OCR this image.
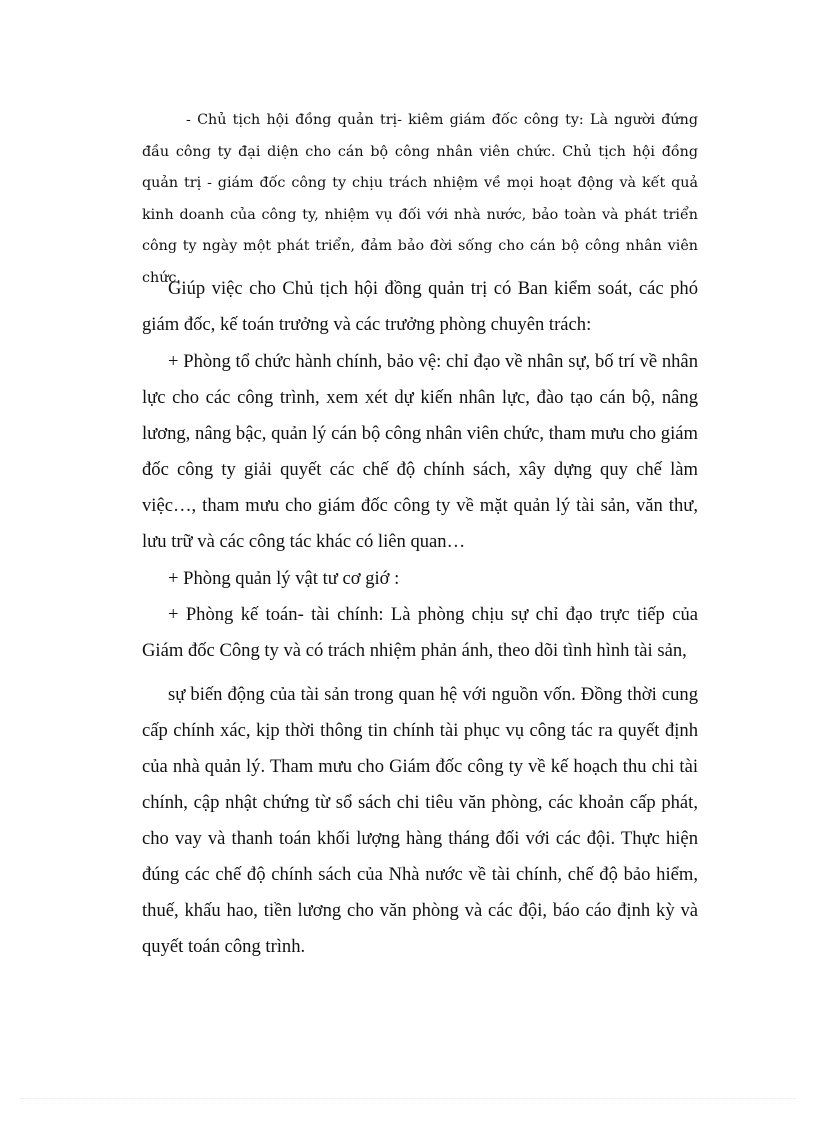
- Chủ tịch hội đồng quản trị- kiêm giám đốc công ty: Là người đứng đầu công ty đại diện cho cán bộ công nhân viên chức. Chủ tịch hội đồng quản trị - giám đốc công ty chịu trách nhiệm về mọi hoạt động và kết quả kinh doanh của công ty, nhiệm vụ đối với nhà nước, bảo toàn và phát triển công ty ngày một phát triển, đảm bảo đời sống cho cán bộ công nhân viên chức.

Giúp việc cho Chủ tịch hội đồng quản trị có Ban kiểm soát, các phó giám đốc, kế toán trưởng và các trưởng phòng chuyên trách:

+ Phòng tổ chức hành chính, bảo vệ: chỉ đạo về nhân sự, bố trí về nhân lực cho các công trình, xem xét dự kiến nhân lực, đào tạo cán bộ, nâng lương, nâng bậc, quản lý cán bộ công nhân viên chức, tham mưu cho giám đốc công ty giải quyết các chế độ chính sách, xây dựng quy chế làm việc…, tham mưu cho giám đốc công ty về mặt quản lý tài sản, văn thư, lưu trữ và các công tác khác có liên quan…

+ Phòng quản lý vật tư cơ giớ :

+ Phòng kế toán- tài chính: Là phòng chịu sự chỉ đạo trực tiếp của Giám đốc Công ty và có trách nhiệm phản ánh, theo dõi tình hình tài sản,

sự biến động của tài sản trong quan hệ với nguồn vốn. Đồng thời cung cấp chính xác, kịp thời thông tin chính tài phục vụ công tác ra quyết định của nhà quản lý. Tham mưu cho Giám đốc công ty về kế hoạch thu chi tài chính, cập nhật chứng từ sổ sách chi tiêu văn phòng, các khoản cấp phát, cho vay và thanh toán khối lượng hàng tháng đối với các đội. Thực hiện đúng các chế độ chính sách của Nhà nước về tài chính, chế độ bảo hiểm, thuế, khấu hao, tiền lương cho văn phòng và các đội, báo cáo định kỳ và quyết toán công trình.
